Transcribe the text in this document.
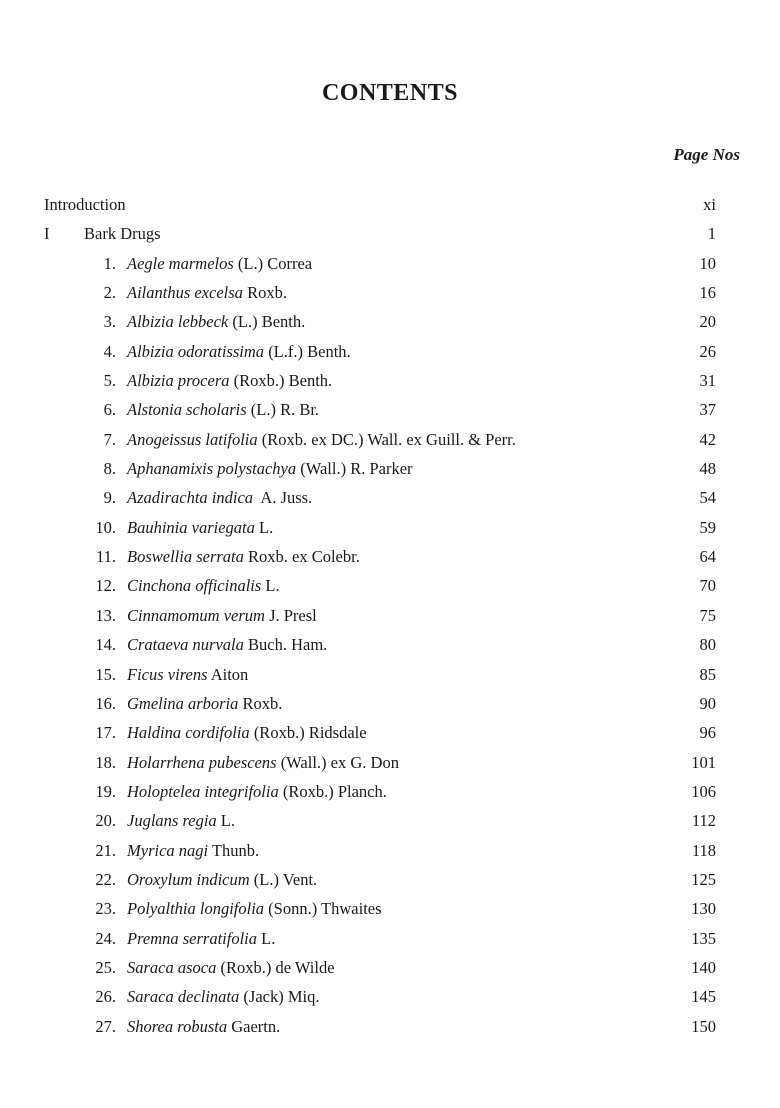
CONTENTS
Page Nos
Introduction	xi
I Bark Drugs	1
1. Aegle marmelos (L.) Correa	10
2. Ailanthus excelsa Roxb.	16
3. Albizia lebbeck (L.) Benth.	20
4. Albizia odoratissima (L.f.) Benth.	26
5. Albizia procera (Roxb.) Benth.	31
6. Alstonia scholaris (L.) R. Br.	37
7. Anogeissus latifolia (Roxb. ex DC.) Wall. ex Guill. & Perr.	42
8. Aphanamixis polystachya (Wall.) R. Parker	48
9. Azadirachta indica  A. Juss.	54
10. Bauhinia variegata L.	59
11. Boswellia serrata Roxb. ex Colebr.	64
12. Cinchona officinalis L.	70
13. Cinnamomum verum J. Presl	75
14. Crataeva nurvala Buch. Ham.	80
15. Ficus virens Aiton	85
16. Gmelina arboria Roxb.	90
17. Haldina cordifolia (Roxb.) Ridsdale	96
18. Holarrhena pubescens (Wall.) ex G. Don	101
19. Holoptelea integrifolia (Roxb.) Planch.	106
20. Juglans regia L.	112
21. Myrica nagi Thunb.	118
22. Oroxylum indicum (L.) Vent.	125
23. Polyalthia longifolia (Sonn.) Thwaites	130
24. Premna serratifolia L.	135
25. Saraca asoca (Roxb.) de Wilde	140
26. Saraca declinata (Jack) Miq.	145
27. Shorea robusta Gaertn.	150
